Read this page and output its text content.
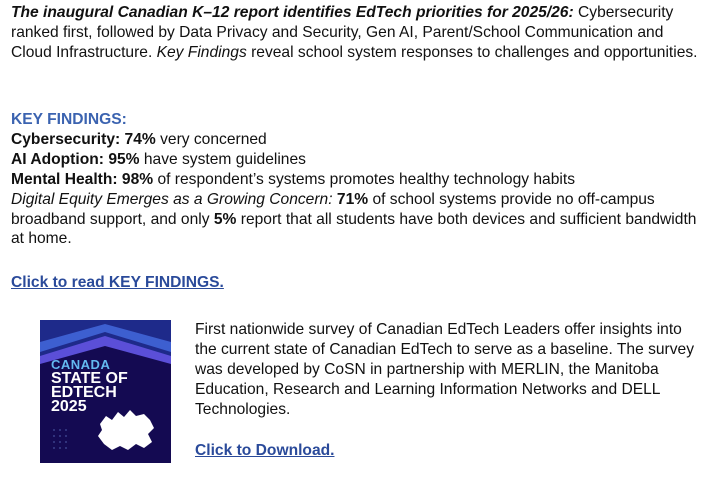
The inaugural Canadian K–12 report identifies EdTech priorities for 2025/26: Cybersecurity ranked first, followed by Data Privacy and Security, Gen AI, Parent/School Communication and Cloud Infrastructure. Key Findings reveal school system responses to challenges and opportunities.

KEY FINDINGS:

Cybersecurity: 74% very concerned

AI Adoption: 95% have system guidelines

Mental Health: 98% of respondent’s systems promotes healthy technology habits

Digital Equity Emerges as a Growing Concern: 71% of school systems provide no off-campus broadband support, and only 5% report that all students have both devices and sufficient bandwidth at home.

Click to read KEY FINDINGS.
CANADA
STATE OF
EDTECH
2025

First nationwide survey of Canadian EdTech Leaders offer insights into the current state of Canadian EdTech to serve as a baseline. The survey was developed by CoSN in partnership with MERLIN, the Manitoba Education, Research and Learning Information Networks and DELL Technologies.

Click to Download.
